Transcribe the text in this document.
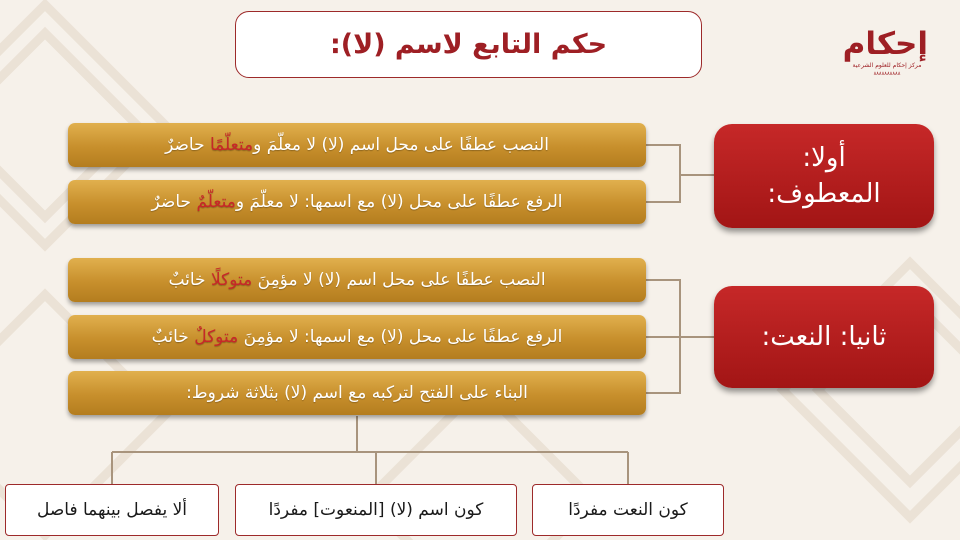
حكم التابع لاسم (لا):	إحكام
مركز إحكام للعلوم الشرعية
٨٨٨٨٨٨٨٨٨٨
أولا:
المعطوف:
النصب عطفًا على محل اسم (لا) لا معلّمَ ومتعلّمًا حاضرٌ
الرفع عطفًا على محل (لا) مع اسمها: لا معلّمَ ومتعلّمٌ حاضرٌ
ثانيا: النعت:
النصب عطفًا على محل اسم (لا) لا مؤمِنَ متوكلًا خائبٌ
الرفع عطفًا على محل (لا) مع اسمها: لا مؤمِنَ متوكلٌ خائبٌ
البناء على الفتح لتركبه مع اسم (لا) بثلاثة شروط:
كون النعت مفردًا
كون اسم (لا) [المنعوت] مفردًا
ألا يفصل بينهما فاصل
